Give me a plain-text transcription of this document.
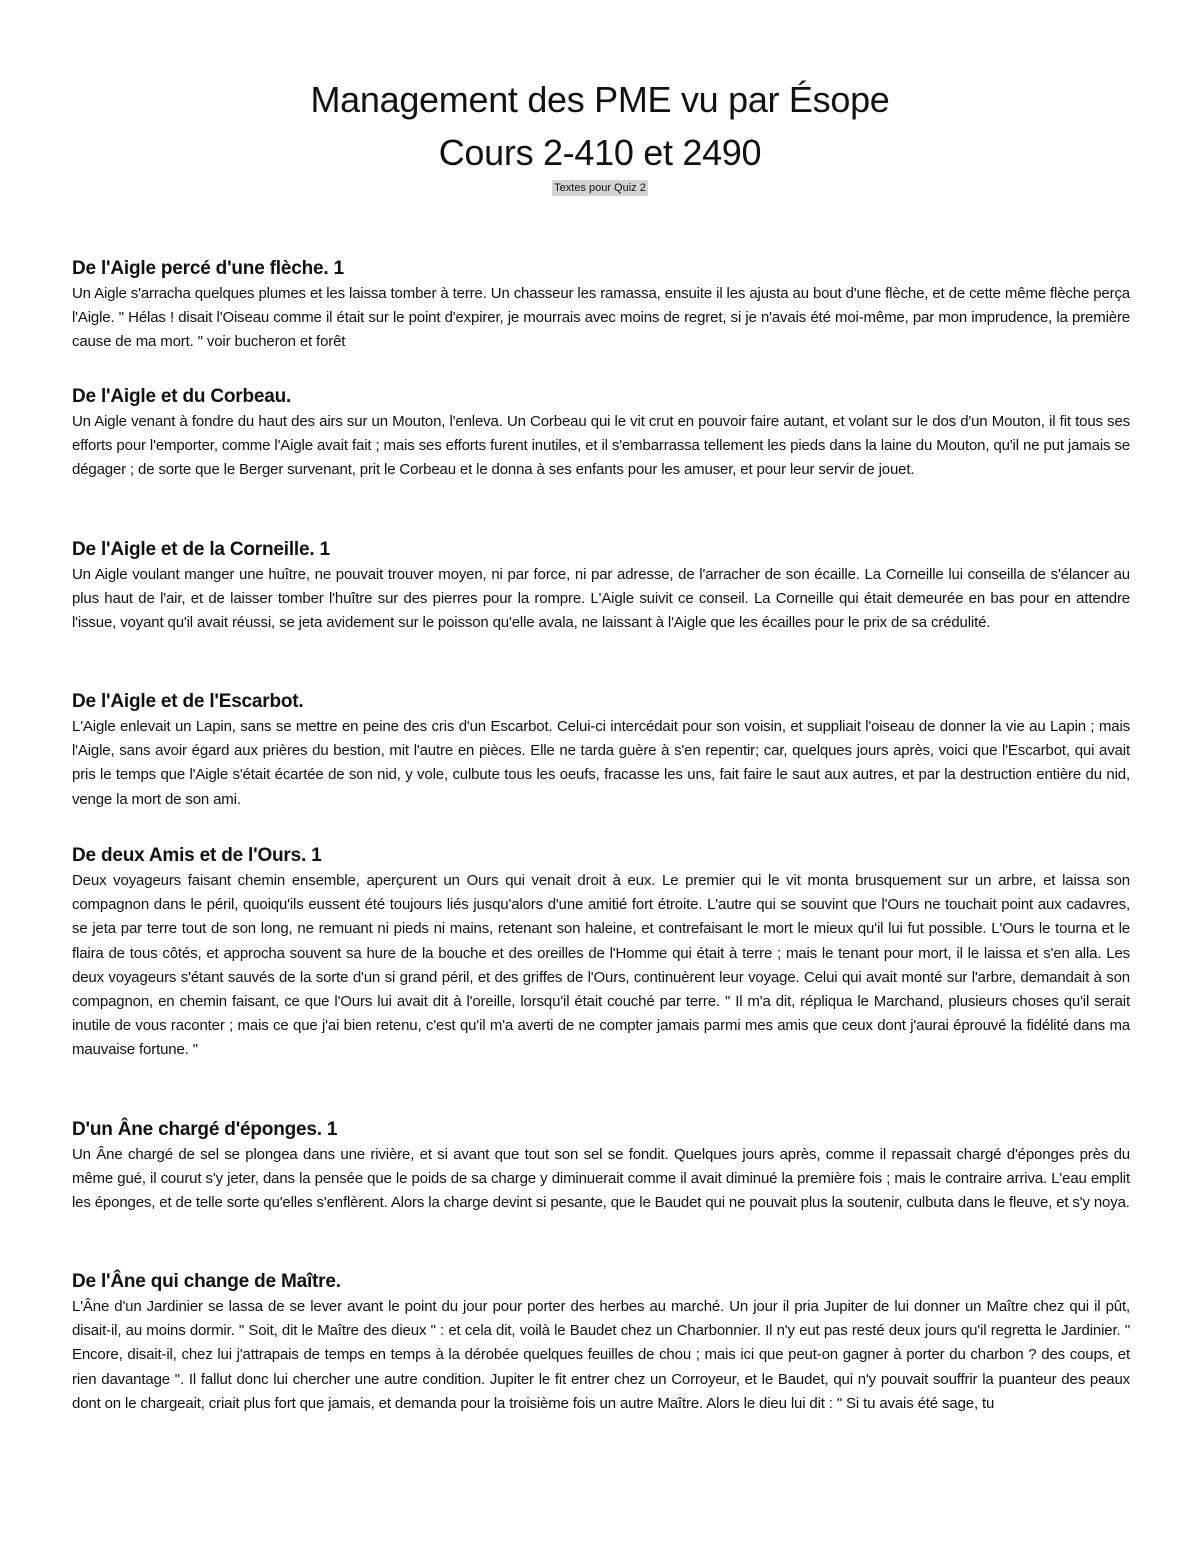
Management des PME vu par Ésope
Cours 2-410 et 2490
Textes pour Quiz 2
De l'Aigle percé d'une flèche. 1

Un Aigle s'arracha quelques plumes et les laissa tomber à terre. Un chasseur les ramassa, ensuite il les ajusta au bout d'une flèche, et de cette même flèche perça l'Aigle. " Hélas ! disait l'Oiseau comme il était sur le point d'expirer, je mourrais avec moins de regret, si je n'avais été moi-même, par mon imprudence, la première cause de ma mort. " voir bucheron et forêt

De l'Aigle et du Corbeau.

Un Aigle venant à fondre du haut des airs sur un Mouton, l'enleva. Un Corbeau qui le vit crut en pouvoir faire autant, et volant sur le dos d'un Mouton, il fit tous ses efforts pour l'emporter, comme l'Aigle avait fait ; mais ses efforts furent inutiles, et il s'embarrassa tellement les pieds dans la laine du Mouton, qu'il ne put jamais se dégager ; de sorte que le Berger survenant, prit le Corbeau et le donna à ses enfants pour les amuser, et pour leur servir de jouet.

De l'Aigle et de la Corneille. 1

Un Aigle voulant manger une huître, ne pouvait trouver moyen, ni par force, ni par adresse, de l'arracher de son écaille. La Corneille lui conseilla de s'élancer au plus haut de l'air, et de laisser tomber l'huître sur des pierres pour la rompre. L'Aigle suivit ce conseil. La Corneille qui était demeurée en bas pour en attendre l'issue, voyant qu'il avait réussi, se jeta avidement sur le poisson qu'elle avala, ne laissant à l'Aigle que les écailles pour le prix de sa crédulité.

De l'Aigle et de l'Escarbot.

L'Aigle enlevait un Lapin, sans se mettre en peine des cris d'un Escarbot. Celui-ci intercédait pour son voisin, et suppliait l'oiseau de donner la vie au Lapin ; mais l'Aigle, sans avoir égard aux prières du bestion, mit l'autre en pièces. Elle ne tarda guère à s'en repentir; car, quelques jours après, voici que l'Escarbot, qui avait pris le temps que l'Aigle s'était écartée de son nid, y vole, culbute tous les oeufs, fracasse les uns, fait faire le saut aux autres, et par la destruction entière du nid, venge la mort de son ami.

De deux Amis et de l'Ours. 1

Deux voyageurs faisant chemin ensemble, aperçurent un Ours qui venait droit à eux. Le premier qui le vit monta brusquement sur un arbre, et laissa son compagnon dans le péril, quoiqu'ils eussent été toujours liés jusqu'alors d'une amitié fort étroite. L'autre qui se souvint que l'Ours ne touchait point aux cadavres, se jeta par terre tout de son long, ne remuant ni pieds ni mains, retenant son haleine, et contrefaisant le mort le mieux qu'il lui fut possible. L'Ours le tourna et le flaira de tous côtés, et approcha souvent sa hure de la bouche et des oreilles de l'Homme qui était à terre ; mais le tenant pour mort, il le laissa et s'en alla. Les deux voyageurs s'étant sauvés de la sorte d'un si grand péril, et des griffes de l'Ours, continuèrent leur voyage. Celui qui avait monté sur l'arbre, demandait à son compagnon, en chemin faisant, ce que l'Ours lui avait dit à l'oreille, lorsqu'il était couché par terre. " Il m'a dit, répliqua le Marchand, plusieurs choses qu'il serait inutile de vous raconter ; mais ce que j'ai bien retenu, c'est qu'il m'a averti de ne compter jamais parmi mes amis que ceux dont j'aurai éprouvé la fidélité dans ma mauvaise fortune. "

D'un Âne chargé d'éponges. 1

Un Âne chargé de sel se plongea dans une rivière, et si avant que tout son sel se fondit. Quelques jours après, comme il repassait chargé d'éponges près du même gué, il courut s'y jeter, dans la pensée que le poids de sa charge y diminuerait comme il avait diminué la première fois ; mais le contraire arriva. L'eau emplit les éponges, et de telle sorte qu'elles s'enflèrent. Alors la charge devint si pesante, que le Baudet qui ne pouvait plus la soutenir, culbuta dans le fleuve, et s'y noya.

De l'Âne qui change de Maître.

L'Âne d'un Jardinier se lassa de se lever avant le point du jour pour porter des herbes au marché. Un jour il pria Jupiter de lui donner un Maître chez qui il pût, disait-il, au moins dormir. " Soit, dit le Maître des dieux " : et cela dit, voilà le Baudet chez un Charbonnier. Il n'y eut pas resté deux jours qu'il regretta le Jardinier. " Encore, disait-il, chez lui j'attrapais de temps en temps à la dérobée quelques feuilles de chou ; mais ici que peut-on gagner à porter du charbon ? des coups, et rien davantage ". Il fallut donc lui chercher une autre condition. Jupiter le fit entrer chez un Corroyeur, et le Baudet, qui n'y pouvait souffrir la puanteur des peaux dont on le chargeait, criait plus fort que jamais, et demanda pour la troisième fois un autre Maître. Alors le dieu lui dit : " Si tu avais été sage, tu
